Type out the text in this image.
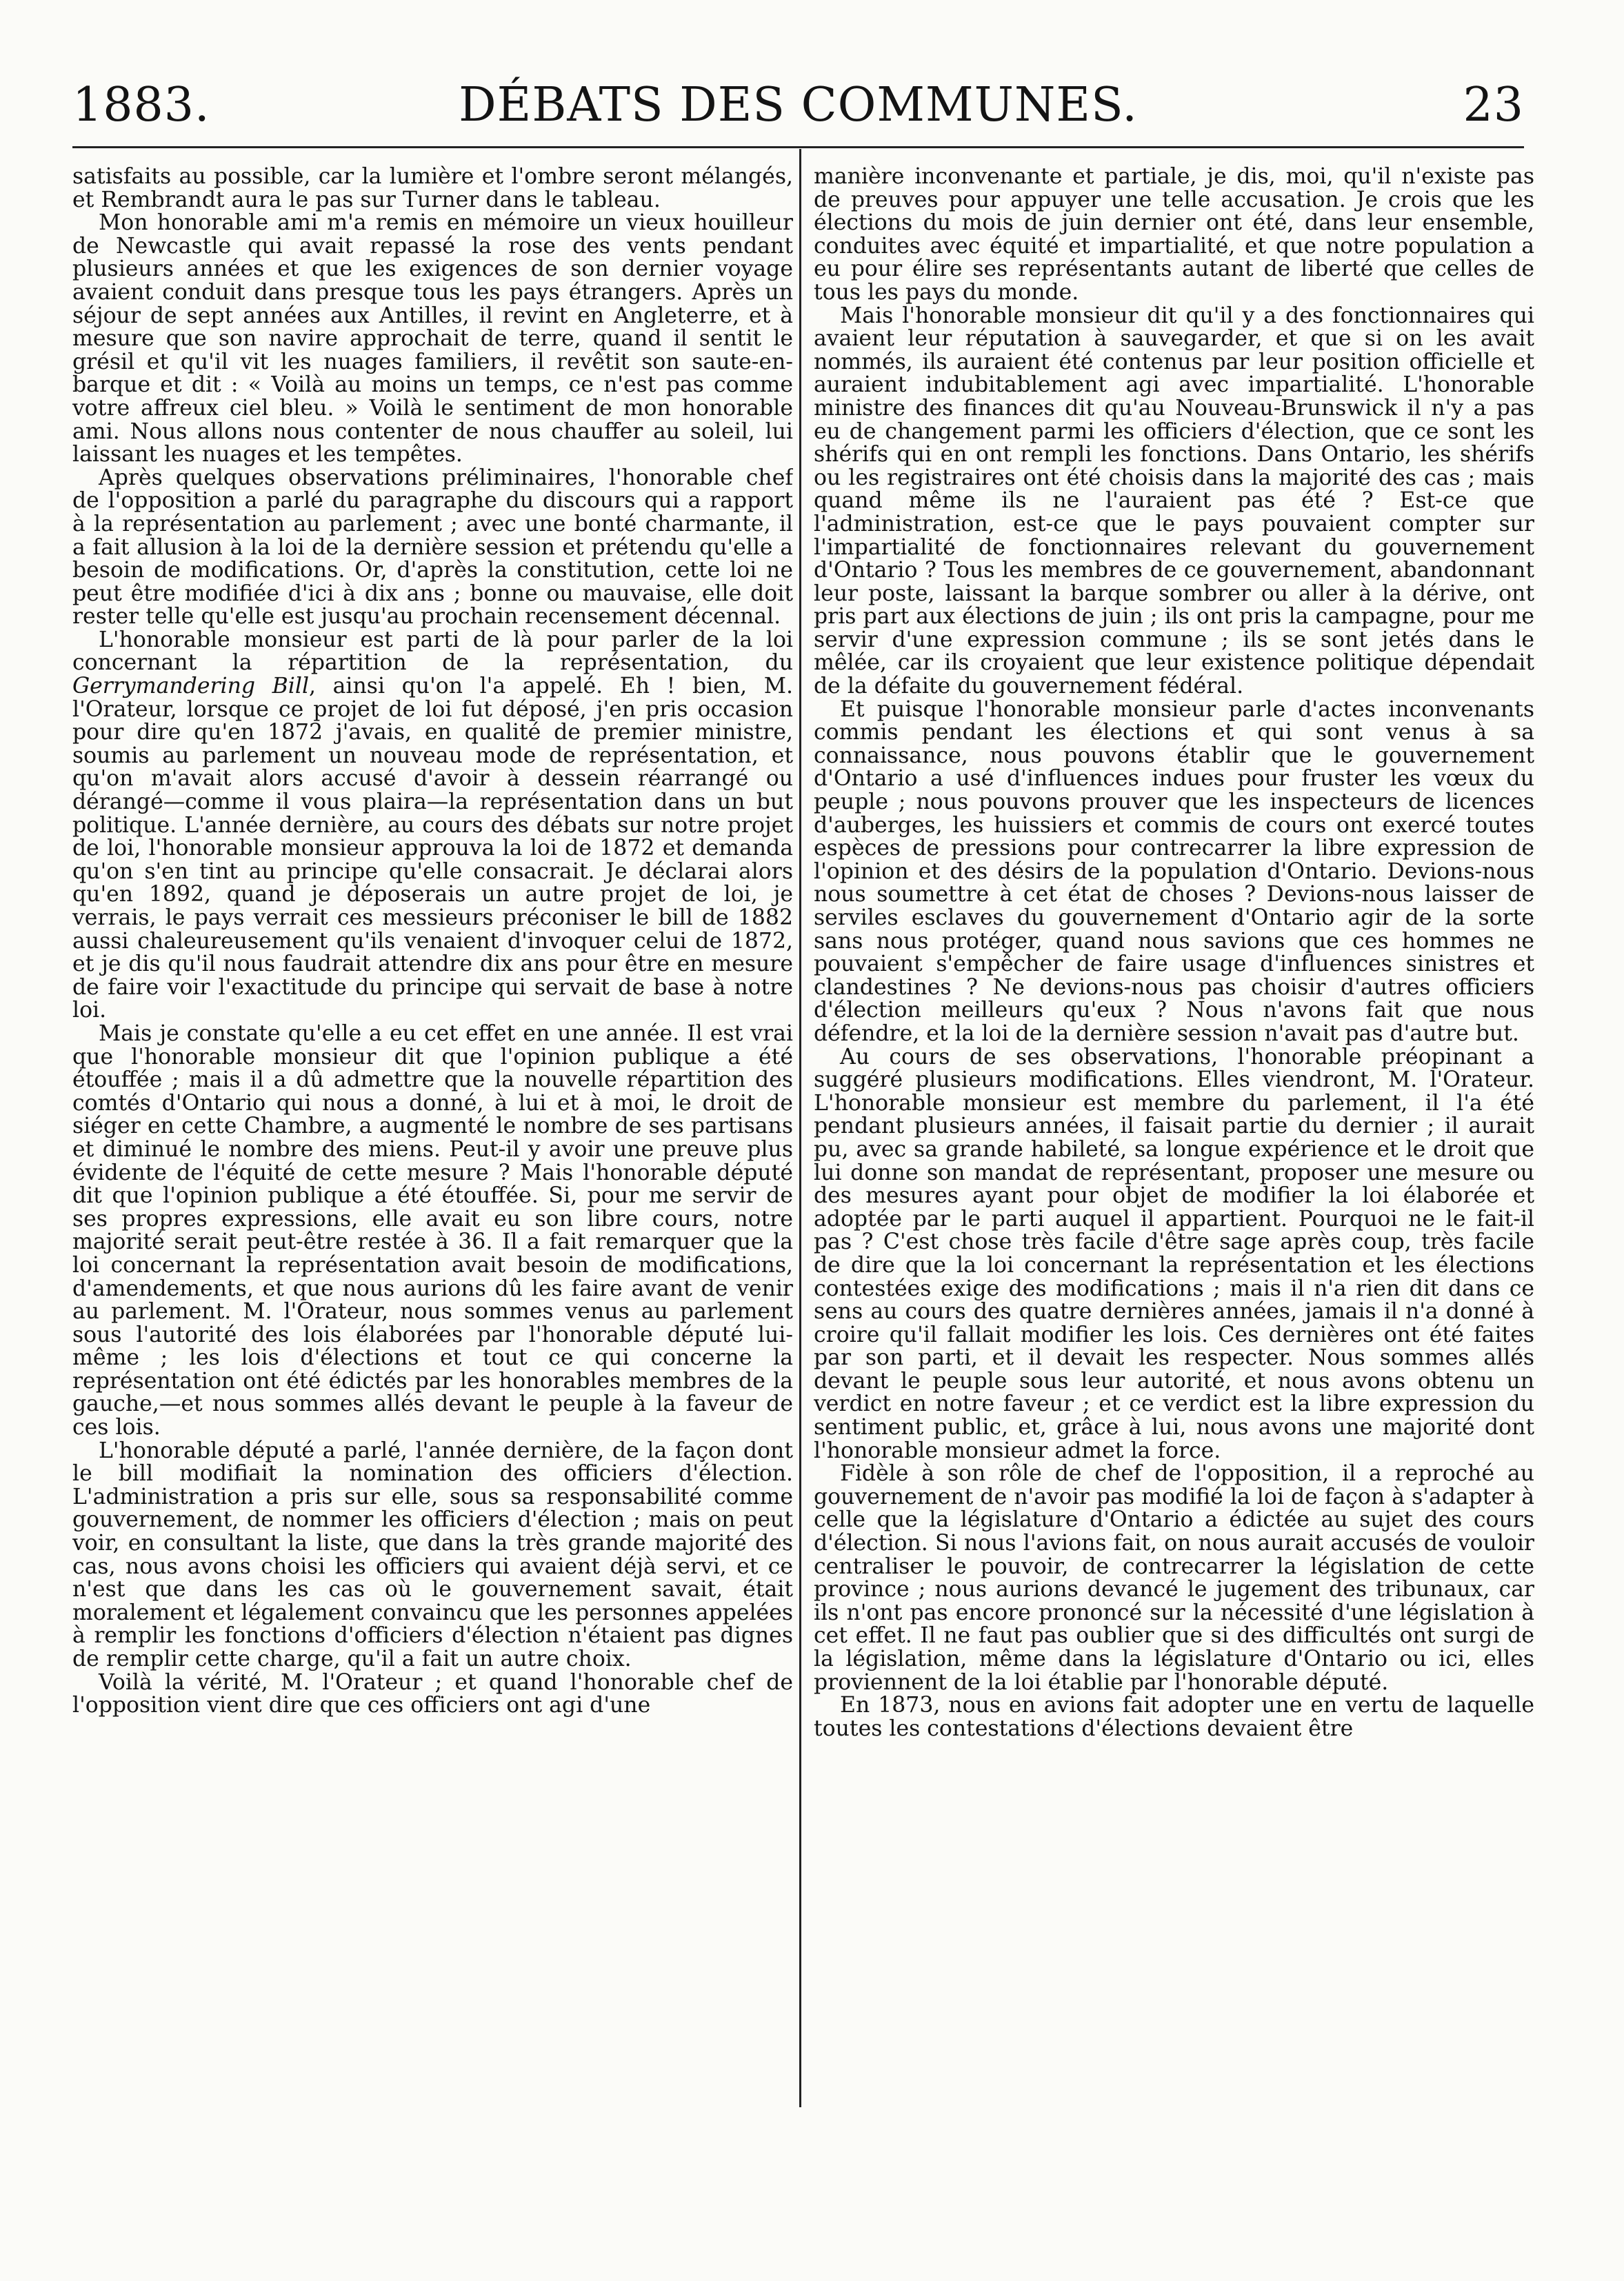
1883.	DÉBATS DES COMMUNES.	23

satisfaits au possible, car la lumière et l'ombre seront mélangés, et Rembrandt aura le pas sur Turner dans le tableau.

Mon honorable ami m'a remis en mémoire un vieux houilleur de Newcastle qui avait repassé la rose des vents pendant plusieurs années et que les exigences de son dernier voyage avaient conduit dans presque tous les pays étrangers. Après un séjour de sept années aux Antilles, il revint en Angleterre, et à mesure que son navire approchait de terre, quand il sentit le grésil et qu'il vit les nuages familiers, il revêtit son saute-en-barque et dit : « Voilà au moins un temps, ce n'est pas comme votre affreux ciel bleu. » Voilà le sentiment de mon honorable ami. Nous allons nous contenter de nous chauffer au soleil, lui laissant les nuages et les tempêtes.

Après quelques observations préliminaires, l'honorable chef de l'opposition a parlé du paragraphe du discours qui a rapport à la représentation au parlement ; avec une bonté charmante, il a fait allusion à la loi de la dernière session et prétendu qu'elle a besoin de modifications. Or, d'après la constitution, cette loi ne peut être modifiée d'ici à dix ans ; bonne ou mauvaise, elle doit rester telle qu'elle est jusqu'au prochain recensement décennal.

L'honorable monsieur est parti de là pour parler de la loi concernant la répartition de la représentation, du Gerrymandering Bill, ainsi qu'on l'a appelé. Eh ! bien, M. l'Orateur, lorsque ce projet de loi fut déposé, j'en pris occasion pour dire qu'en 1872 j'avais, en qualité de premier ministre, soumis au parlement un nouveau mode de représentation, et qu'on m'avait alors accusé d'avoir à dessein réarrangé ou dérangé—comme il vous plaira—la représentation dans un but politique. L'année dernière, au cours des débats sur notre projet de loi, l'honorable monsieur approuva la loi de 1872 et demanda qu'on s'en tint au principe qu'elle consacrait. Je déclarai alors qu'en 1892, quand je déposerais un autre projet de loi, je verrais, le pays verrait ces messieurs préconiser le bill de 1882 aussi chaleureusement qu'ils venaient d'invoquer celui de 1872, et je dis qu'il nous faudrait attendre dix ans pour être en mesure de faire voir l'exactitude du principe qui servait de base à notre loi.

Mais je constate qu'elle a eu cet effet en une année. Il est vrai que l'honorable monsieur dit que l'opinion publique a été étouffée ; mais il a dû admettre que la nouvelle répartition des comtés d'Ontario qui nous a donné, à lui et à moi, le droit de siéger en cette Chambre, a augmenté le nombre de ses partisans et diminué le nombre des miens. Peut-il y avoir une preuve plus évidente de l'équité de cette mesure ? Mais l'honorable député dit que l'opinion publique a été étouffée. Si, pour me servir de ses propres expressions, elle avait eu son libre cours, notre majorité serait peut-être restée à 36. Il a fait remarquer que la loi concernant la représentation avait besoin de modifications, d'amendements, et que nous aurions dû les faire avant de venir au parlement. M. l'Orateur, nous sommes venus au parlement sous l'autorité des lois élaborées par l'honorable député lui-même ; les lois d'élections et tout ce qui concerne la représentation ont été édictés par les honorables membres de la gauche,—et nous sommes allés devant le peuple à la faveur de ces lois.

L'honorable député a parlé, l'année dernière, de la façon dont le bill modifiait la nomination des officiers d'élection. L'administration a pris sur elle, sous sa responsabilité comme gouvernement, de nommer les officiers d'élection ; mais on peut voir, en consultant la liste, que dans la très grande majorité des cas, nous avons choisi les officiers qui avaient déjà servi, et ce n'est que dans les cas où le gouvernement savait, était moralement et légalement convaincu que les personnes appelées à remplir les fonctions d'officiers d'élection n'étaient pas dignes de remplir cette charge, qu'il a fait un autre choix.

Voilà la vérité, M. l'Orateur ; et quand l'honorable chef de l'opposition vient dire que ces officiers ont agi d'une

manière inconvenante et partiale, je dis, moi, qu'il n'existe pas de preuves pour appuyer une telle accusation. Je crois que les élections du mois de juin dernier ont été, dans leur ensemble, conduites avec équité et impartialité, et que notre population a eu pour élire ses représentants autant de liberté que celles de tous les pays du monde.

Mais l'honorable monsieur dit qu'il y a des fonctionnaires qui avaient leur réputation à sauvegarder, et que si on les avait nommés, ils auraient été contenus par leur position officielle et auraient indubitablement agi avec impartialité. L'honorable ministre des finances dit qu'au Nouveau-Brunswick il n'y a pas eu de changement parmi les officiers d'élection, que ce sont les shérifs qui en ont rempli les fonctions. Dans Ontario, les shérifs ou les registraires ont été choisis dans la majorité des cas ; mais quand même ils ne l'auraient pas été ? Est-ce que l'administration, est-ce que le pays pouvaient compter sur l'impartialité de fonctionnaires relevant du gouvernement d'Ontario ? Tous les membres de ce gouvernement, abandonnant leur poste, laissant la barque sombrer ou aller à la dérive, ont pris part aux élections de juin ; ils ont pris la campagne, pour me servir d'une expression commune ; ils se sont jetés dans le mêlée, car ils croyaient que leur existence politique dépendait de la défaite du gouvernement fédéral.

Et puisque l'honorable monsieur parle d'actes inconvenants commis pendant les élections et qui sont venus à sa connaissance, nous pouvons établir que le gouvernement d'Ontario a usé d'influences indues pour fruster les vœux du peuple ; nous pouvons prouver que les inspecteurs de licences d'auberges, les huissiers et commis de cours ont exercé toutes espèces de pressions pour contrecarrer la libre expression de l'opinion et des désirs de la population d'Ontario. Devions-nous nous soumettre à cet état de choses ? Devions-nous laisser de serviles esclaves du gouvernement d'Ontario agir de la sorte sans nous protéger, quand nous savions que ces hommes ne pouvaient s'empêcher de faire usage d'influences sinistres et clandestines ? Ne devions-nous pas choisir d'autres officiers d'élection meilleurs qu'eux ? Nous n'avons fait que nous défendre, et la loi de la dernière session n'avait pas d'autre but.

Au cours de ses observations, l'honorable préopinant a suggéré plusieurs modifications. Elles viendront, M. l'Orateur. L'honorable monsieur est membre du parlement, il l'a été pendant plusieurs années, il faisait partie du dernier ; il aurait pu, avec sa grande habileté, sa longue expérience et le droit que lui donne son mandat de représentant, proposer une mesure ou des mesures ayant pour objet de modifier la loi élaborée et adoptée par le parti auquel il appartient. Pourquoi ne le fait-il pas ? C'est chose très facile d'être sage après coup, très facile de dire que la loi concernant la représentation et les élections contestées exige des modifications ; mais il n'a rien dit dans ce sens au cours des quatre dernières années, jamais il n'a donné à croire qu'il fallait modifier les lois. Ces dernières ont été faites par son parti, et il devait les respecter. Nous sommes allés devant le peuple sous leur autorité, et nous avons obtenu un verdict en notre faveur ; et ce verdict est la libre expression du sentiment public, et, grâce à lui, nous avons une majorité dont l'honorable monsieur admet la force.

Fidèle à son rôle de chef de l'opposition, il a reproché au gouvernement de n'avoir pas modifié la loi de façon à s'adapter à celle que la législature d'Ontario a édictée au sujet des cours d'élection. Si nous l'avions fait, on nous aurait accusés de vouloir centraliser le pouvoir, de contrecarrer la législation de cette province ; nous aurions devancé le jugement des tribunaux, car ils n'ont pas encore prononcé sur la nécessité d'une législation à cet effet. Il ne faut pas oublier que si des difficultés ont surgi de la législation, même dans la législature d'Ontario ou ici, elles proviennent de la loi établie par l'honorable député.

En 1873, nous en avions fait adopter une en vertu de laquelle toutes les contestations d'élections devaient être
